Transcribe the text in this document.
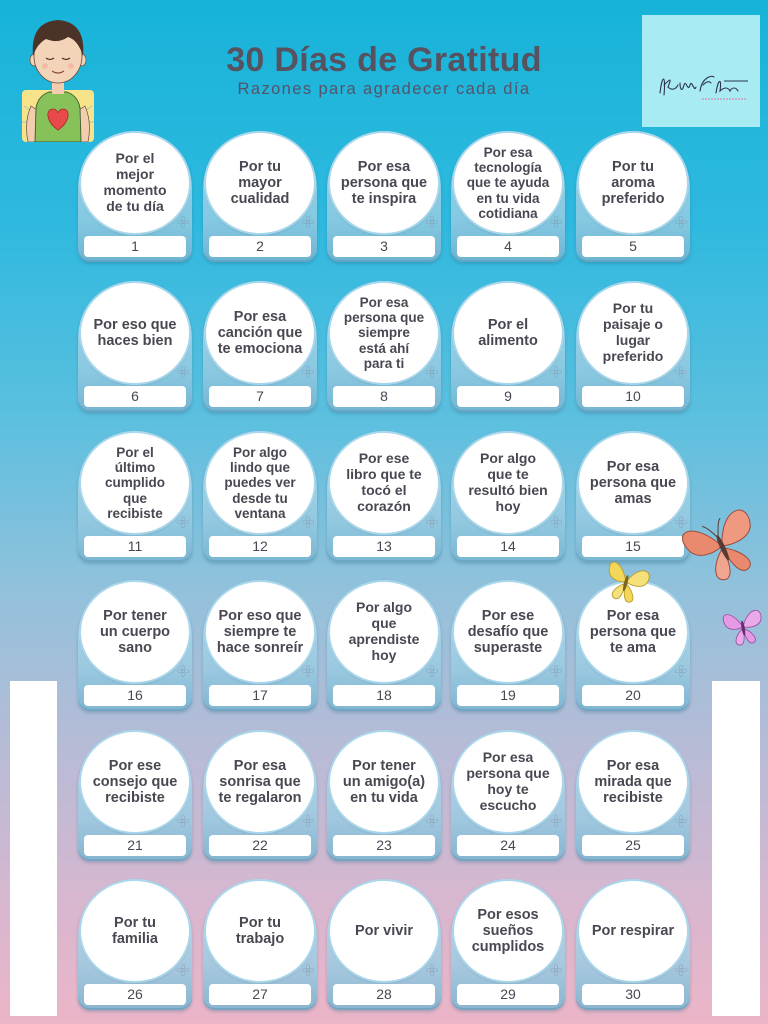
30 Días de Gratitud
Razones para agradecer cada día
Por el
mejor
momento
de tu día
1
Por tu
mayor
cualidad
2
Por esa
persona que
te inspira
3
Por esa
tecnología
que te ayuda
en tu vida
cotidiana
4
Por tu
aroma
preferido
5
Por eso que
haces bien
6
Por esa
canción que
te emociona
7
Por esa
persona que
siempre
está ahí
para ti
8
Por el
alimento
9
Por tu
paisaje o
lugar
preferido
10
Por el
último
cumplido
que
recibiste
11
Por algo
lindo que
puedes ver
desde tu
ventana
12
Por ese
libro que te
tocó el
corazón
13
Por algo
que te
resultó bien
hoy
14
Por esa
persona que
amas
15
Por tener
un cuerpo
sano
16
Por eso que
siempre te
hace sonreír
17
Por algo
que
aprendiste
hoy
18
Por ese
desafío que
superaste
19
Por esa
persona que
te ama
20
Por ese
consejo que
recibiste
21
Por esa
sonrisa que
te regalaron
22
Por tener
un amigo(a)
en tu vida
23
Por esa
persona que
hoy te
escucho
24
Por esa
mirada que
recibiste
25
Por tu
familia
26
Por tu
trabajo
27
Por vivir
28
Por esos
sueños
cumplidos
29
Por respirar
30
